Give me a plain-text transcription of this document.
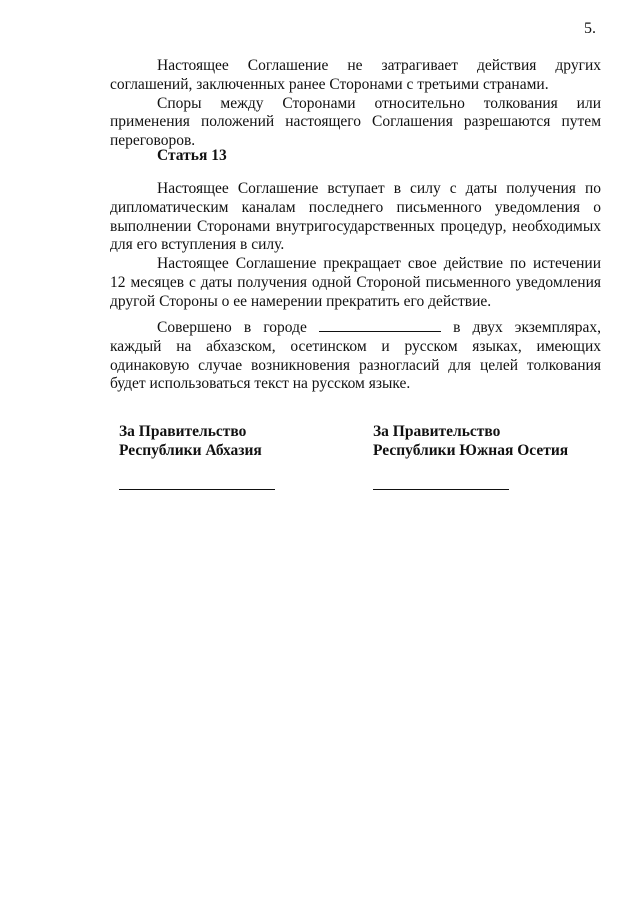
5.

Настоящее Соглашение не затрагивает действия других соглашений, заключенных ранее Сторонами с третьими странами.

Споры между Сторонами относительно толкования или применения положений настоящего Соглашения разрешаются путем переговоров.

Статья 13

Настоящее Соглашение вступает в силу с даты получения по дипломатическим каналам последнего письменного уведомления о выполнении Сторонами внутригосударственных процедур, необходимых для его вступления в силу.

Настоящее Соглашение прекращает свое действие по истечении 12 месяцев с даты получения одной Стороной письменного уведомления другой Стороны о ее намерении прекратить его действие.

Совершено в городе	в двух экземплярах, каждый на абхазском, осетинском и русском языках, имеющих одинаковую случае возникновения разногласий для целей толкования будет использоваться текст на русском языке.

За Правительство
Республики Абхазия
За Правительство
Республики Южная Осетия
